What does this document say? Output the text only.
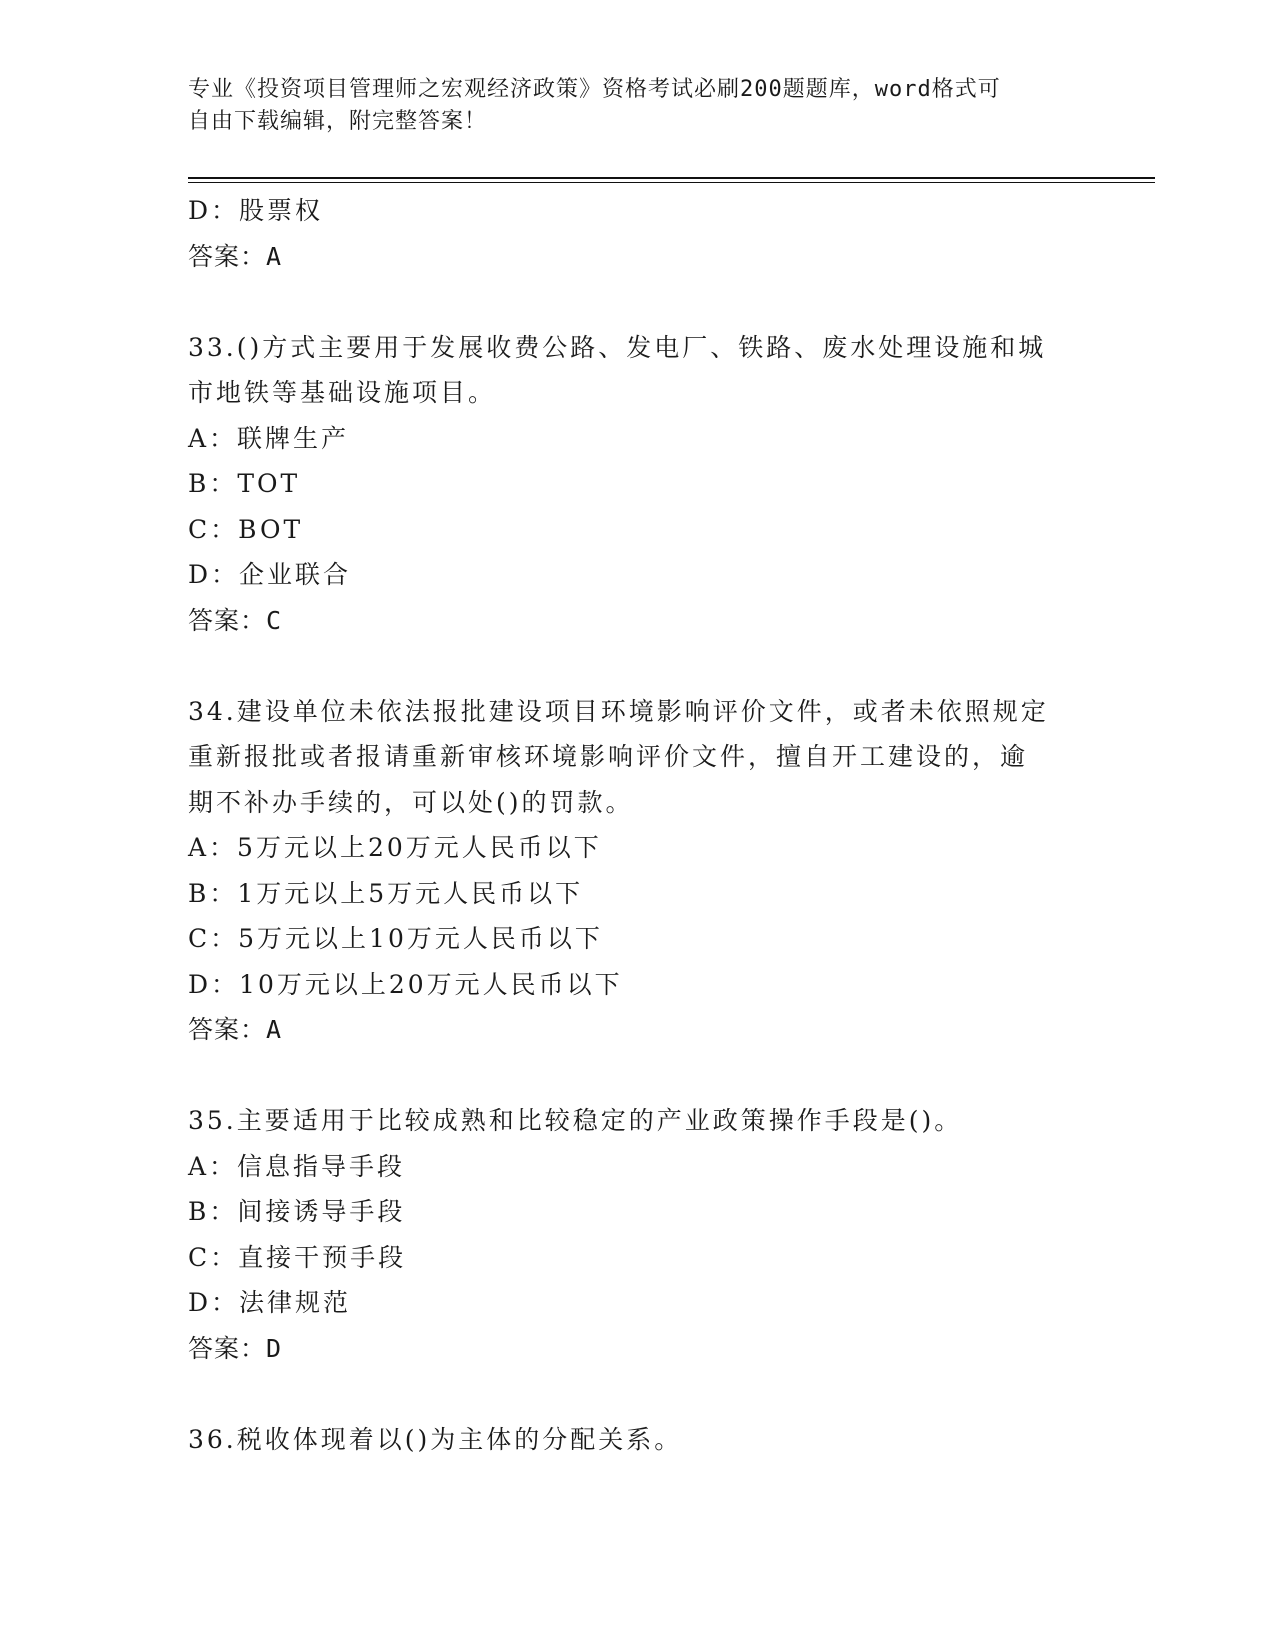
专业《投资项目管理师之宏观经济政策》资格考试必刷200题题库，word格式可
自由下载编辑，附完整答案！
D：股票权
答案：A
33.()方式主要用于发展收费公路、发电厂、铁路、废水处理设施和城
市地铁等基础设施项目。
A：联牌生产
B：TOT
C：BOT
D：企业联合
答案：C
34.建设单位未依法报批建设项目环境影响评价文件，或者未依照规定
重新报批或者报请重新审核环境影响评价文件，擅自开工建设的，逾
期不补办手续的，可以处()的罚款。
A：5万元以上20万元人民币以下
B：1万元以上5万元人民币以下
C：5万元以上10万元人民币以下
D：10万元以上20万元人民币以下
答案：A
35.主要适用于比较成熟和比较稳定的产业政策操作手段是()。
A：信息指导手段
B：间接诱导手段
C：直接干预手段
D：法律规范
答案：D
36.税收体现着以()为主体的分配关系。
